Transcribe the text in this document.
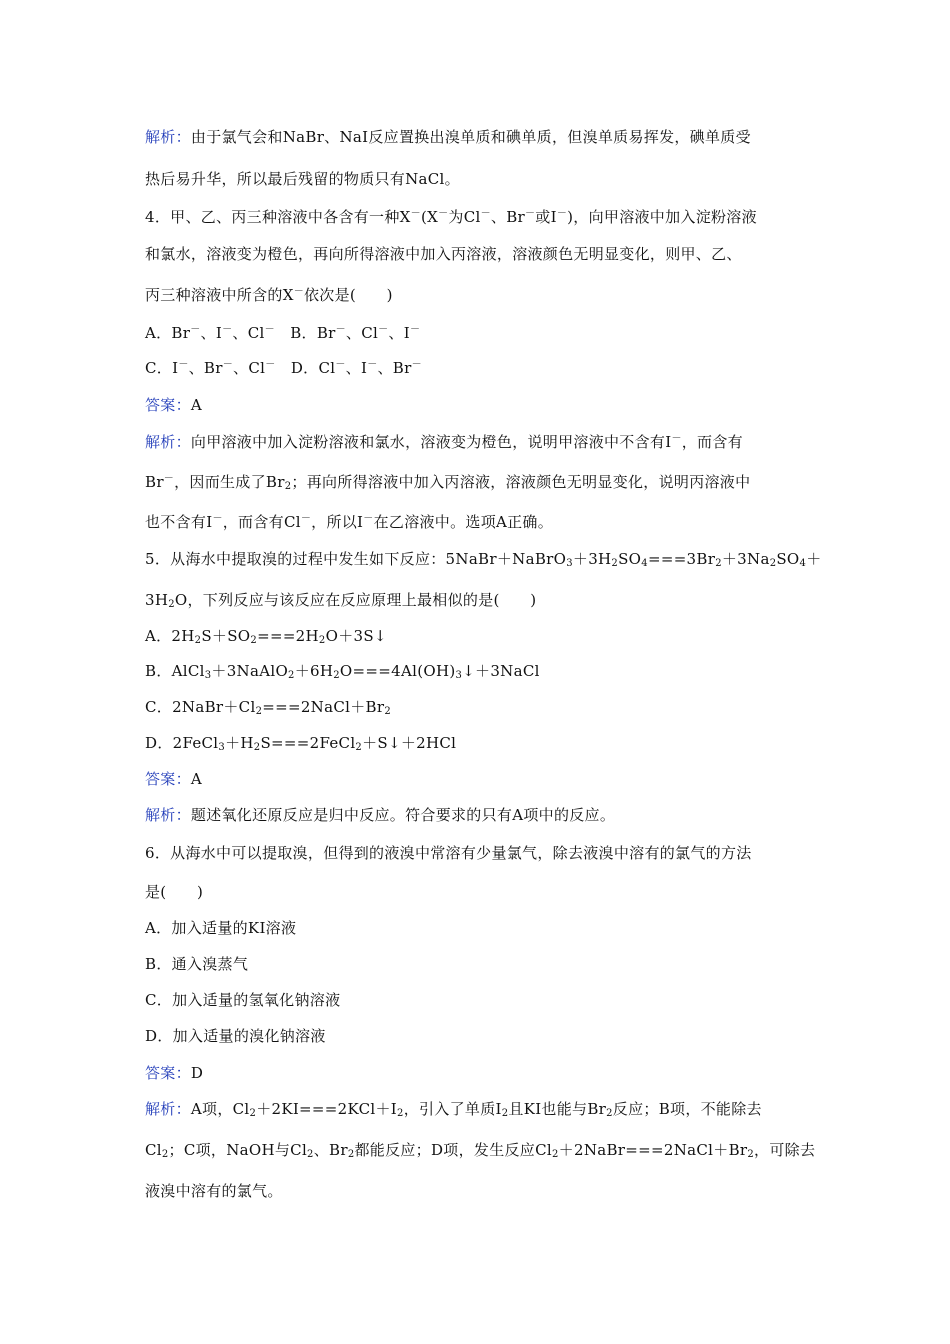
解析：由于氯气会和NaBr、NaI反应置换出溴单质和碘单质，但溴单质易挥发，碘单质受
热后易升华，所以最后残留的物质只有NaCl。
4．甲、乙、丙三种溶液中各含有一种X－(X－为Cl－、Br－或I－)，向甲溶液中加入淀粉溶液
和氯水，溶液变为橙色，再向所得溶液中加入丙溶液，溶液颜色无明显变化，则甲、乙、
丙三种溶液中所含的X－依次是(　　)
A．Br－、I－、Cl－　B．Br－、Cl－、I－
C．I－、Br－、Cl－　D．Cl－、I－、Br－
答案：A
解析：向甲溶液中加入淀粉溶液和氯水，溶液变为橙色，说明甲溶液中不含有I－，而含有
Br－，因而生成了$Br_2$；再向所得溶液中加入丙溶液，溶液颜色无明显变化，说明丙溶液中
也不含有I－，而含有Cl－，所以I－在乙溶液中。选项A正确。
5．从海水中提取溴的过程中发生如下反应：$5NaBr+NaBrO_3+3H_2SO_4===3Br_2+3Na_2SO_4+$
$3H_2O$，下列反应与该反应在反应原理上最相似的是(　　)
A．$2H_2S+SO_2===2H_2O+3S↓$
B．$AlCl_3+3NaAlO_2+6H_2O===4Al(OH)_3↓+3NaCl$
C．$2NaBr+Cl_2===2NaCl+Br_2$
D．$2FeCl_3+H_2S===2FeCl_2+S↓+2HCl$
答案：A
解析：题述氧化还原反应是归中反应。符合要求的只有A项中的反应。
6．从海水中可以提取溴，但得到的液溴中常溶有少量氯气，除去液溴中溶有的氯气的方法
是(　　)
A．加入适量的KI溶液
B．通入溴蒸气
C．加入适量的氢氧化钠溶液
D．加入适量的溴化钠溶液
答案：D
解析：A项，$Cl_2+2KI===2KCl+I_2$，引入了单质$I_2$且KI也能与$Br_2$反应；B项，不能除去
$Cl_2$；C项，NaOH与$Cl_2$、$Br_2$都能反应；D项，发生反应$Cl_2+2NaBr===2NaCl+Br_2$，可除去
液溴中溶有的氯气。
